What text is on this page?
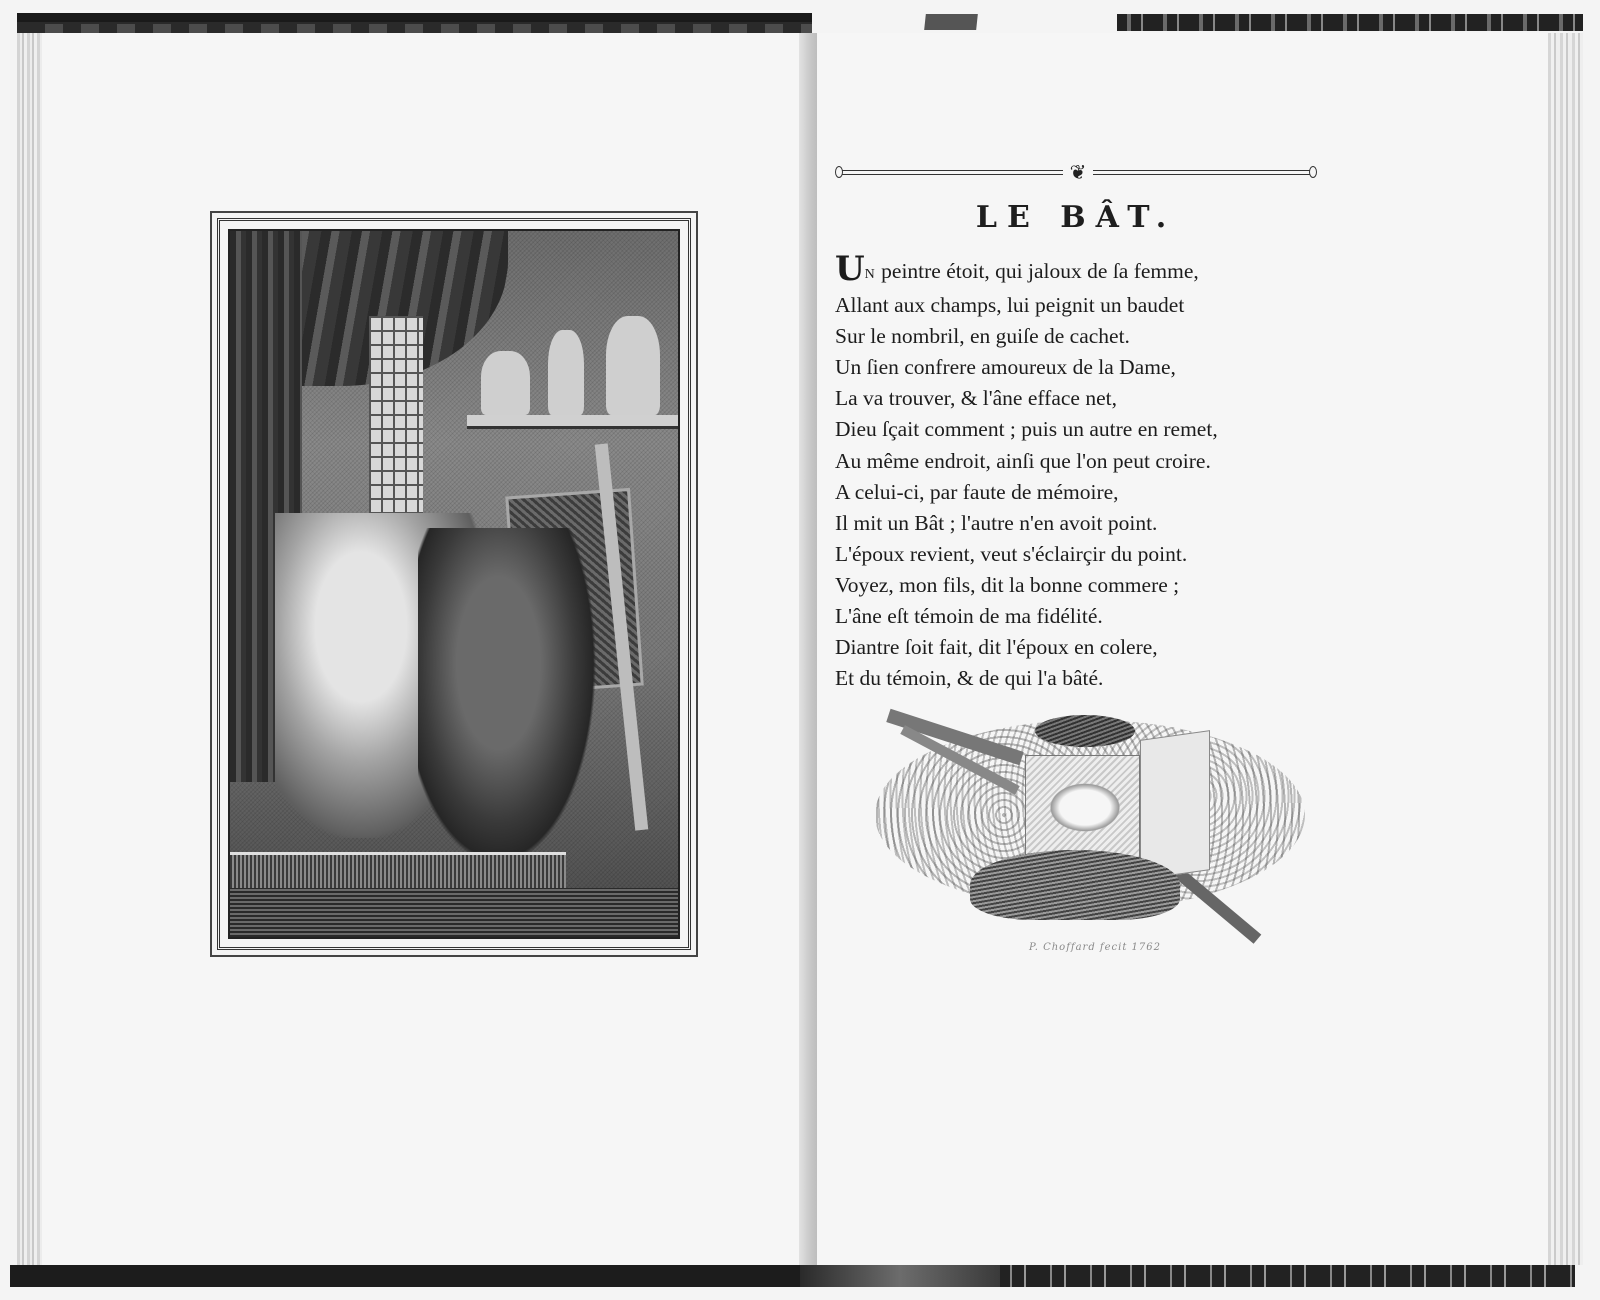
❦
LE BÂT.
UN peintre étoit, qui jaloux de ſa femme,
Allant aux champs, lui peignit un baudet
Sur le nombril, en guiſe de cachet.
Un ſien confrere amoureux de la Dame,
La va trouver, & l'âne efface net,
Dieu ſçait comment ; puis un autre en remet,
Au même endroit, ainſi que l'on peut croire.
A celui-ci, par faute de mémoire,
Il mit un Bât ; l'autre n'en avoit point.
L'époux revient, veut s'éclairçir du point.
Voyez, mon fils, dit la bonne commere ;
L'âne eſt témoin de ma fidélité.
Diantre ſoit fait, dit l'époux en colere,
Et du témoin, & de qui l'a bâté.
P. Choffard fecit 1762
